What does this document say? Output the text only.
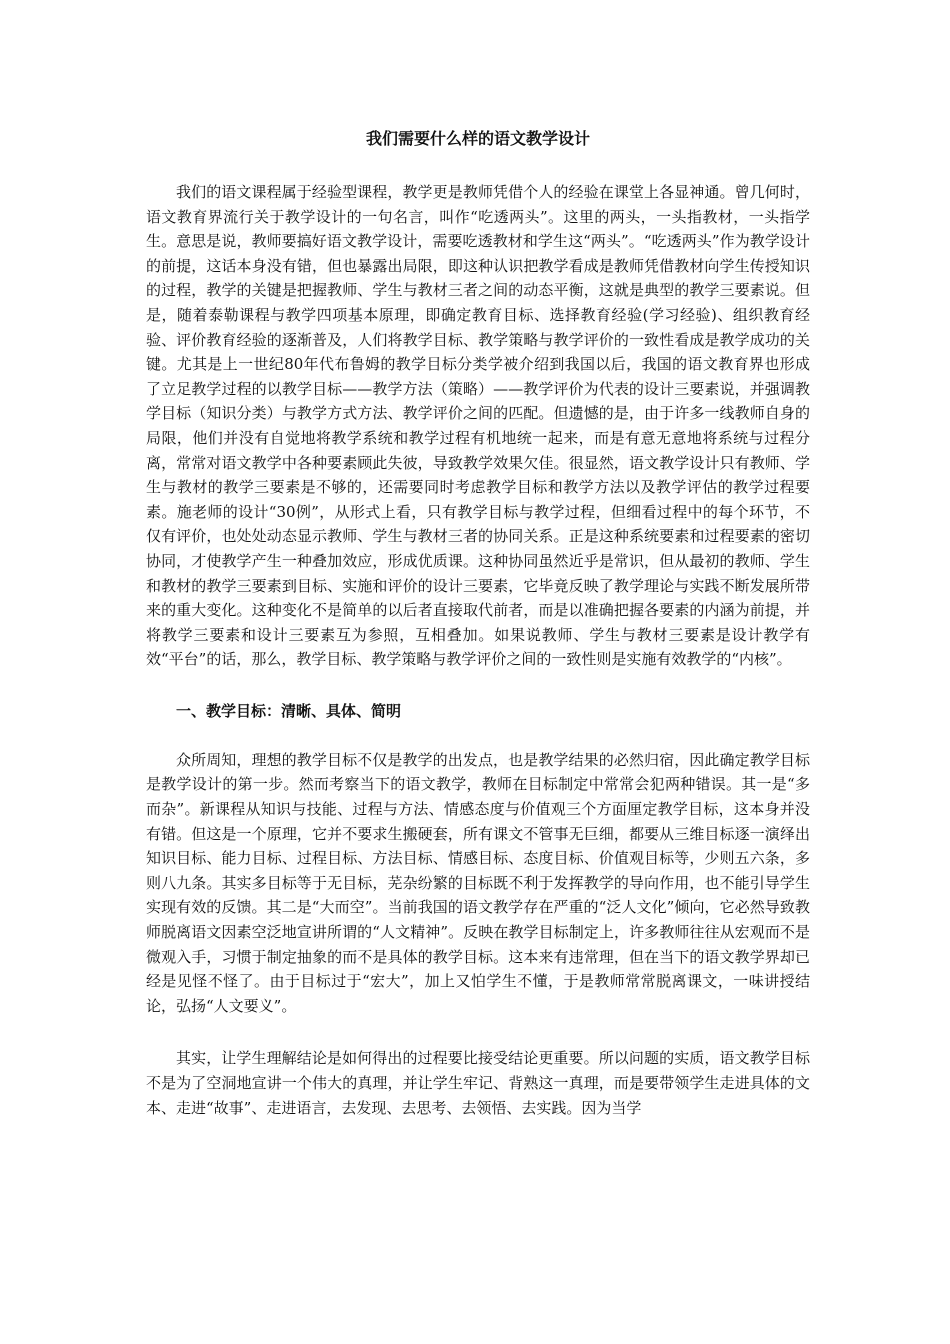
我们需要什么样的语文教学设计

我们的语文课程属于经验型课程，教学更是教师凭借个人的经验在课堂上各显神通。曾几何时，语文教育界流行关于教学设计的一句名言，叫作“吃透两头”。这里的两头，一头指教材，一头指学生。意思是说，教师要搞好语文教学设计，需要吃透教材和学生这“两头”。“吃透两头”作为教学设计的前提，这话本身没有错，但也暴露出局限，即这种认识把教学看成是教师凭借教材向学生传授知识的过程，教学的关键是把握教师、学生与教材三者之间的动态平衡，这就是典型的教学三要素说。但是，随着泰勒课程与教学四项基本原理，即确定教育目标、选择教育经验(学习经验)、组织教育经验、评价教育经验的逐渐普及，人们将教学目标、教学策略与教学评价的一致性看成是教学成功的关键。尤其是上一世纪80年代布鲁姆的教学目标分类学被介绍到我国以后，我国的语文教育界也形成了立足教学过程的以教学目标——教学方法（策略）——教学评价为代表的设计三要素说，并强调教学目标（知识分类）与教学方式方法、教学评价之间的匹配。但遗憾的是，由于许多一线教师自身的局限，他们并没有自觉地将教学系统和教学过程有机地统一起来，而是有意无意地将系统与过程分离，常常对语文教学中各种要素顾此失彼，导致教学效果欠佳。很显然，语文教学设计只有教师、学生与教材的教学三要素是不够的，还需要同时考虑教学目标和教学方法以及教学评估的教学过程要素。施老师的设计“30例”，从形式上看，只有教学目标与教学过程，但细看过程中的每个环节，不仅有评价，也处处动态显示教师、学生与教材三者的协同关系。正是这种系统要素和过程要素的密切协同，才使教学产生一种叠加效应，形成优质课。这种协同虽然近乎是常识，但从最初的教师、学生和教材的教学三要素到目标、实施和评价的设计三要素，它毕竟反映了教学理论与实践不断发展所带来的重大变化。这种变化不是简单的以后者直接取代前者，而是以准确把握各要素的内涵为前提，并将教学三要素和设计三要素互为参照，互相叠加。如果说教师、学生与教材三要素是设计教学有效“平台”的话，那么，教学目标、教学策略与教学评价之间的一致性则是实施有效教学的“内核”。

一、教学目标：清晰、具体、简明

众所周知，理想的教学目标不仅是教学的出发点，也是教学结果的必然归宿，因此确定教学目标是教学设计的第一步。然而考察当下的语文教学，教师在目标制定中常常会犯两种错误。其一是“多而杂”。新课程从知识与技能、过程与方法、情感态度与价值观三个方面厘定教学目标，这本身并没有错。但这是一个原理，它并不要求生搬硬套，所有课文不管事无巨细，都要从三维目标逐一演绎出知识目标、能力目标、过程目标、方法目标、情感目标、态度目标、价值观目标等，少则五六条，多则八九条。其实多目标等于无目标，芜杂纷繁的目标既不利于发挥教学的导向作用，也不能引导学生实现有效的反馈。其二是“大而空”。当前我国的语文教学存在严重的“泛人文化”倾向，它必然导致教师脱离语文因素空泛地宣讲所谓的“人文精神”。反映在教学目标制定上，许多教师往往从宏观而不是微观入手，习惯于制定抽象的而不是具体的教学目标。这本来有违常理，但在当下的语文教学界却已经是见怪不怪了。由于目标过于“宏大”，加上又怕学生不懂，于是教师常常脱离课文，一味讲授结论，弘扬“人文要义”。

其实，让学生理解结论是如何得出的过程要比接受结论更重要。所以问题的实质，语文教学目标不是为了空洞地宣讲一个伟大的真理，并让学生牢记、背熟这一真理，而是要带领学生走进具体的文本、走进“故事”、走进语言，去发现、去思考、去领悟、去实践。因为当学
